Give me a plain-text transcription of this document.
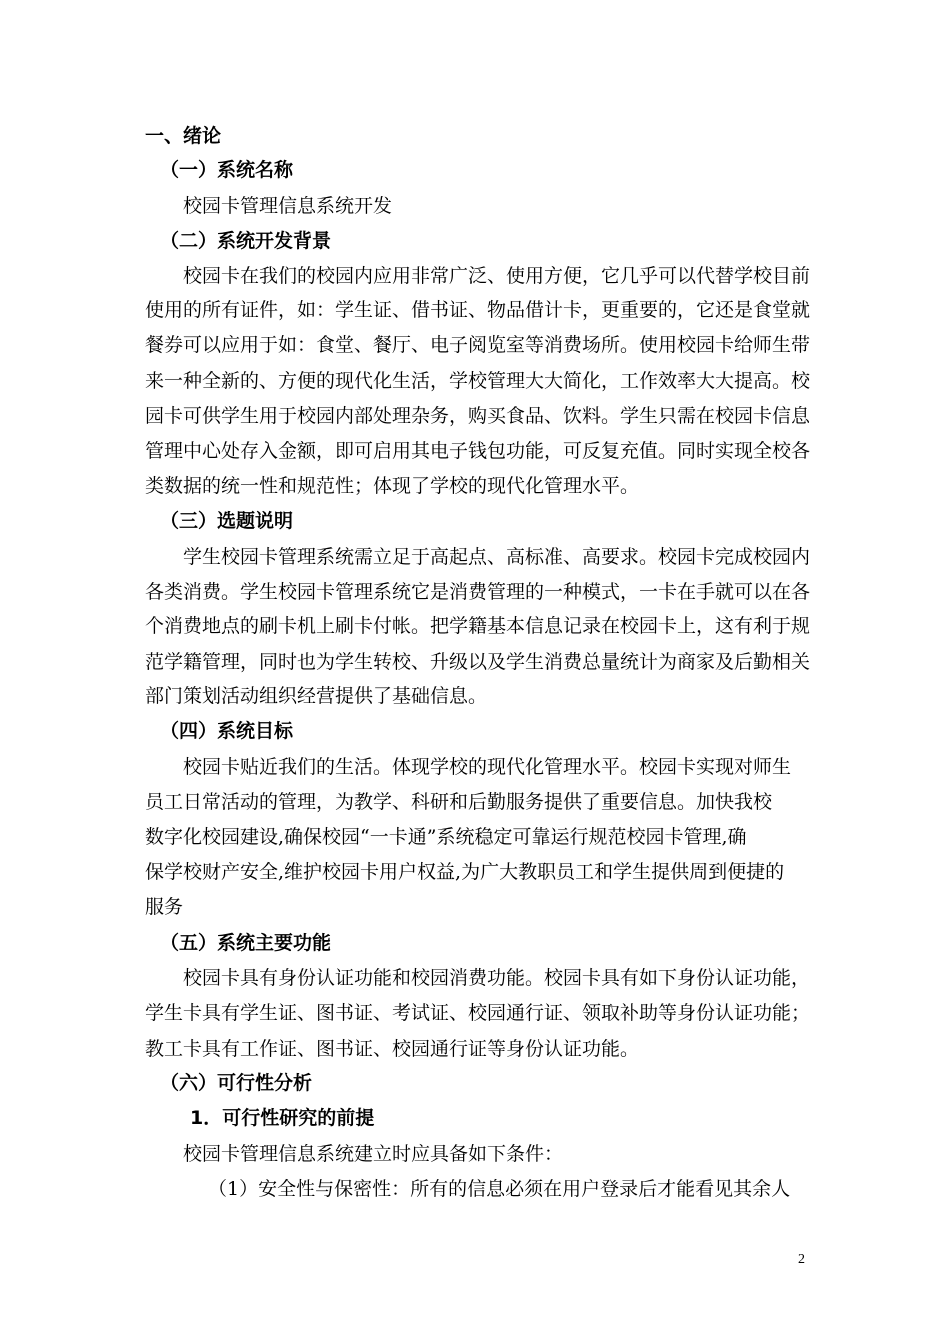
一、绪论
（一）系统名称
校园卡管理信息系统开发
（二）系统开发背景
校园卡在我们的校园内应用非常广泛、使用方便，它几乎可以代替学校目前
使用的所有证件，如：学生证、借书证、物品借计卡，更重要的，它还是食堂就
餐券可以应用于如：食堂、餐厅、电子阅览室等消费场所。使用校园卡给师生带
来一种全新的、方便的现代化生活，学校管理大大简化，工作效率大大提高。校
园卡可供学生用于校园内部处理杂务，购买食品、饮料。学生只需在校园卡信息
管理中心处存入金额，即可启用其电子钱包功能，可反复充值。同时实现全校各
类数据的统一性和规范性；体现了学校的现代化管理水平。
（三）选题说明
学生校园卡管理系统需立足于高起点、高标准、高要求。校园卡完成校园内
各类消费。学生校园卡管理系统它是消费管理的一种模式，一卡在手就可以在各
个消费地点的刷卡机上刷卡付帐。把学籍基本信息记录在校园卡上，这有利于规
范学籍管理，同时也为学生转校、升级以及学生消费总量统计为商家及后勤相关
部门策划活动组织经营提供了基础信息。
（四）系统目标
校园卡贴近我们的生活。体现学校的现代化管理水平。校园卡实现对师生
员工日常活动的管理，为教学、科研和后勤服务提供了重要信息。加快我校
数字化校园建设,确保校园“一卡通”系统稳定可靠运行规范校园卡管理,确
保学校财产安全,维护校园卡用户权益,为广大教职员工和学生提供周到便捷的
服务
（五）系统主要功能
校园卡具有身份认证功能和校园消费功能。校园卡具有如下身份认证功能，
学生卡具有学生证、图书证、考试证、校园通行证、领取补助等身份认证功能；
教工卡具有工作证、图书证、校园通行证等身份认证功能。
（六）可行性分析
1．可行性研究的前提
校园卡管理信息系统建立时应具备如下条件：
（1）安全性与保密性：所有的信息必须在用户登录后才能看见其余人
2
